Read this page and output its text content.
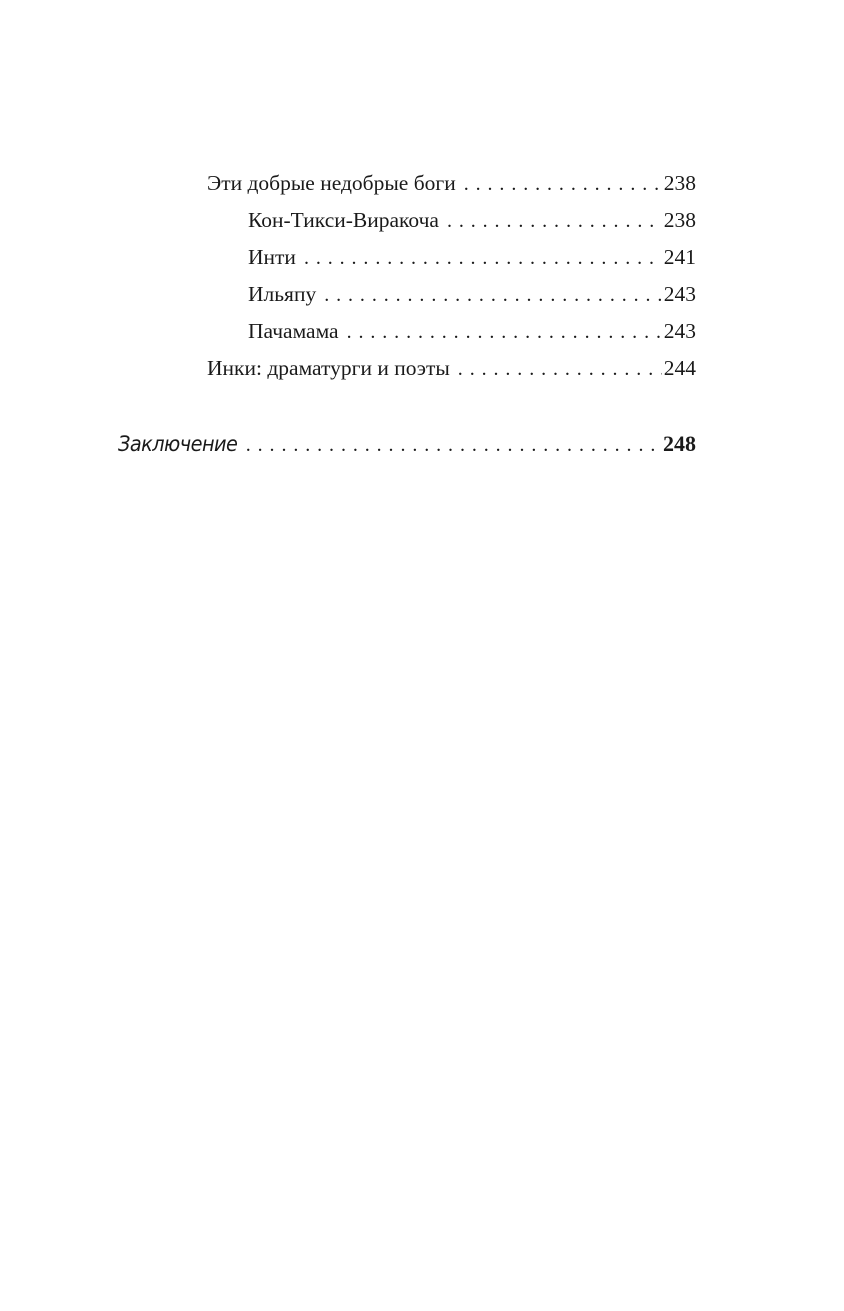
Эти добрые недобрые боги . . .	238
Кон-Тикси-Виракоча . . .	238
Инти . . .	241
Ильяпу . . .	243
Пачамама . . .	243
Инки: драматурги и поэты . . .	244
Заключение . . .	248
